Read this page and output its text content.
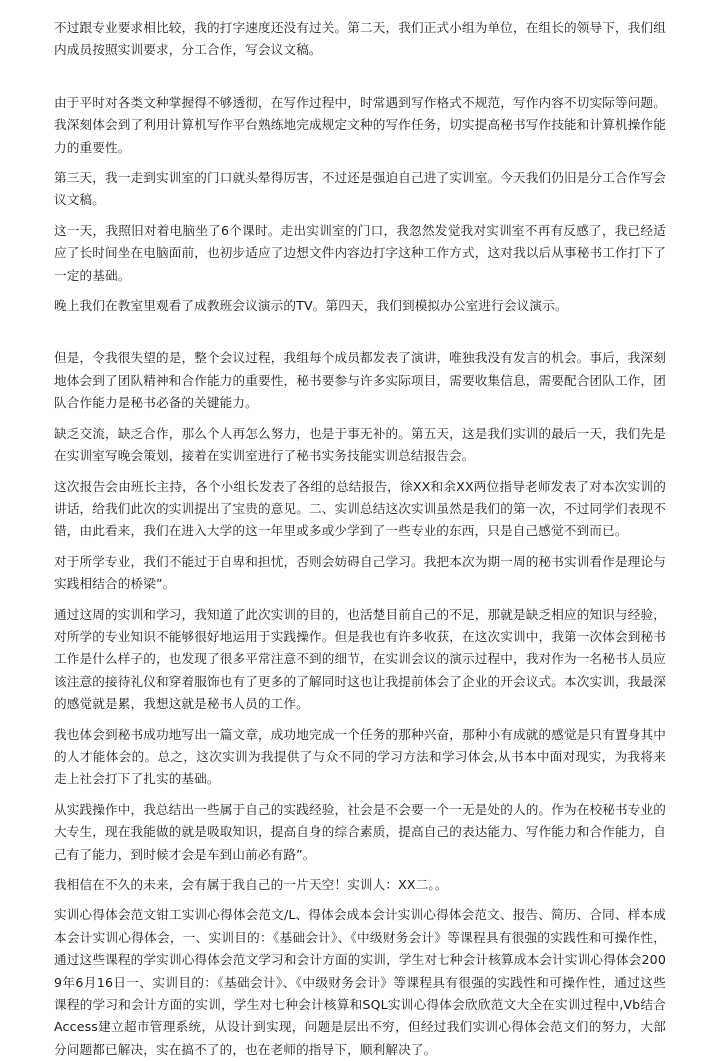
不过跟专业要求相比较，我的打字速度还没有过关。第二天，我们正式小组为单位，在组长的领导下，我们组内成员按照实训要求，分工合作，写会议文稿。

由于平时对各类文种掌握得不够透彻，在写作过程中，时常遇到写作格式不规范，写作内容不切实际等问题。我深刻体会到了利用计算机写作平台熟练地完成规定文种的写作任务，切实提高秘书写作技能和计算机操作能力的重要性。

第三天，我一走到实训室的门口就头晕得厉害，不过还是强迫自己进了实训室。今天我们仍旧是分工合作写会议文稿。

这一天，我照旧对着电脑坐了6个课时。走出实训室的门口，我忽然发觉我对实训室不再有反感了，我已经适应了长时间坐在电脑面前，也初步适应了边想文件内容边打字这种工作方式，这对我以后从事秘书工作打下了一定的基础。

晚上我们在教室里观看了成教班会议演示的TV。第四天，我们到模拟办公室进行会议演示。

但是，令我很失望的是，整个会议过程，我组每个成员都发表了演讲，唯独我没有发言的机会。事后，我深刻地体会到了团队精神和合作能力的重要性，秘书要参与许多实际项目，需要收集信息，需要配合团队工作，团队合作能力是秘书必备的关键能力。

缺乏交流，缺乏合作，那么个人再怎么努力，也是于事无补的。第五天，这是我们实训的最后一天，我们先是在实训室写晚会策划，接着在实训室进行了秘书实务技能实训总结报告会。

这次报告会由班长主持，各个小组长发表了各组的总结报告，徐XX和余XX两位指导老师发表了对本次实训的讲话，给我们此次的实训提出了宝贵的意见。二、实训总结这次实训虽然是我们的第一次，不过同学们表现不错，由此看来，我们在进入大学的这一年里或多或少学到了一些专业的东西，只是自己感觉不到而已。

对于所学专业，我们不能过于自卑和担忧，否则会妨碍自己学习。我把本次为期一周的秘书实训看作是理论与实践相结合的桥梁”。

通过这周的实训和学习，我知道了此次实训的目的，也活楚目前自己的不足，那就是缺乏相应的知识与经验，对所学的专业知识不能够很好地运用于实践操作。但是我也有许多收获，在这次实训中，我第一次体会到秘书工作是什么样子的，也发现了很多平常注意不到的细节，在实训会议的演示过程中，我对作为一名秘书人员应该注意的接待礼仪和穿着服饰也有了更多的了解同时这也让我提前体会了企业的开会议式。本次实训，我最深的感觉就是累，我想这就是秘书人员的工作。

我也体会到秘书成功地写出一篇文章，成功地完成一个任务的那种兴奋，那种小有成就的感觉是只有置身其中的人才能体会的。总之，这次实训为我提供了与众不同的学习方法和学习体会,从书本中面对现实，为我将来走上社会打下了扎实的基础。

从实践操作中，我总结出一些属于自己的实践经验，社会是不会要一个一无是处的人的。作为在校秘书专业的大专生，现在我能做的就是吸取知识，提高自身的综合素质，提高自己的表达能力、写作能力和合作能力，自己有了能力，到时候才会是车到山前必有路”。

我相信在不久的未来，会有属于我自己的一片天空！实训人：XX二。。

实训心得体会范文钳工实训心得体会范文/L、得体会成本会计实训心得体会范文、报告、简历、合同、样本成本会计实训心得体会，一、实训目的：《基础会计》、《中级财务会计》等课程具有很强的实践性和可操作性，通过这些课程的学实训心得体会范文学习和会计方面的实训，学生对七种会计核算成本会计实训心得体会2009年6月16日一、实训目的：《基础会计》、《中级财务会计》等课程具有很强的实践性和可操作性，通过这些课程的学习和会计方面的实训，学生对七种会计核算和SQL实训心得体会欣欣范文大全在实训过程中,Vb结合Access建立超市管理系统，从设计到实现，问题是层出不穷，但经过我们实训心得体会范文们的努力，大部分问题都已解决，实在搞不了的，也在老师的指导下，顺利解决了。
